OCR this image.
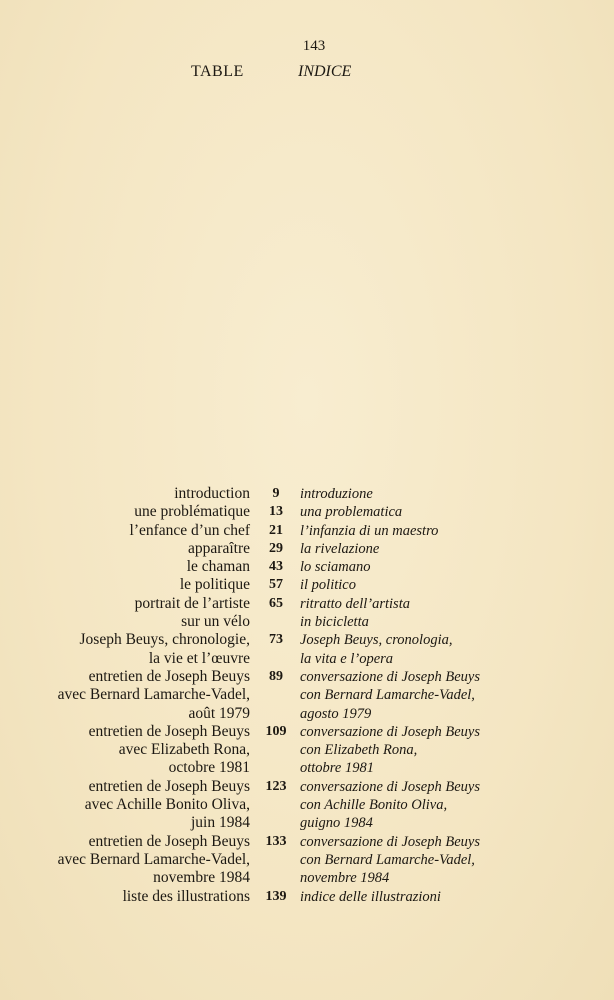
143
TABLE	INDICE
introduction	9	introduzione
une problématique	13	una problematica
l’enfance d’un chef	21	l’infanzia di un maestro
apparaître	29	la rivelazione
le chaman	43	lo sciamano
le politique	57	il politico
portrait de l’artiste	65	ritratto dell’artista
sur un vélo	in bicicletta
Joseph Beuys, chronologie,	73	Joseph Beuys, cronologia,
la vie et l’œuvre	la vita e l’opera
entretien de Joseph Beuys	89	conversazione di Joseph Beuys
avec Bernard Lamarche-Vadel,	con Bernard Lamarche-Vadel,
août 1979	agosto 1979
entretien de Joseph Beuys 109 conversazione di Joseph Beuys
avec Elizabeth Rona,	con Elizabeth Rona,
octobre 1981	ottobre 1981
entretien de Joseph Beuys 123 conversazione di Joseph Beuys
avec Achille Bonito Oliva,	con Achille Bonito Oliva,
juin 1984	guigno 1984
entretien de Joseph Beuys 133 conversazione di Joseph Beuys
avec Bernard Lamarche-Vadel,	con Bernard Lamarche-Vadel,
novembre 1984	novembre 1984
liste des illustrations 139 indice delle illustrazioni
